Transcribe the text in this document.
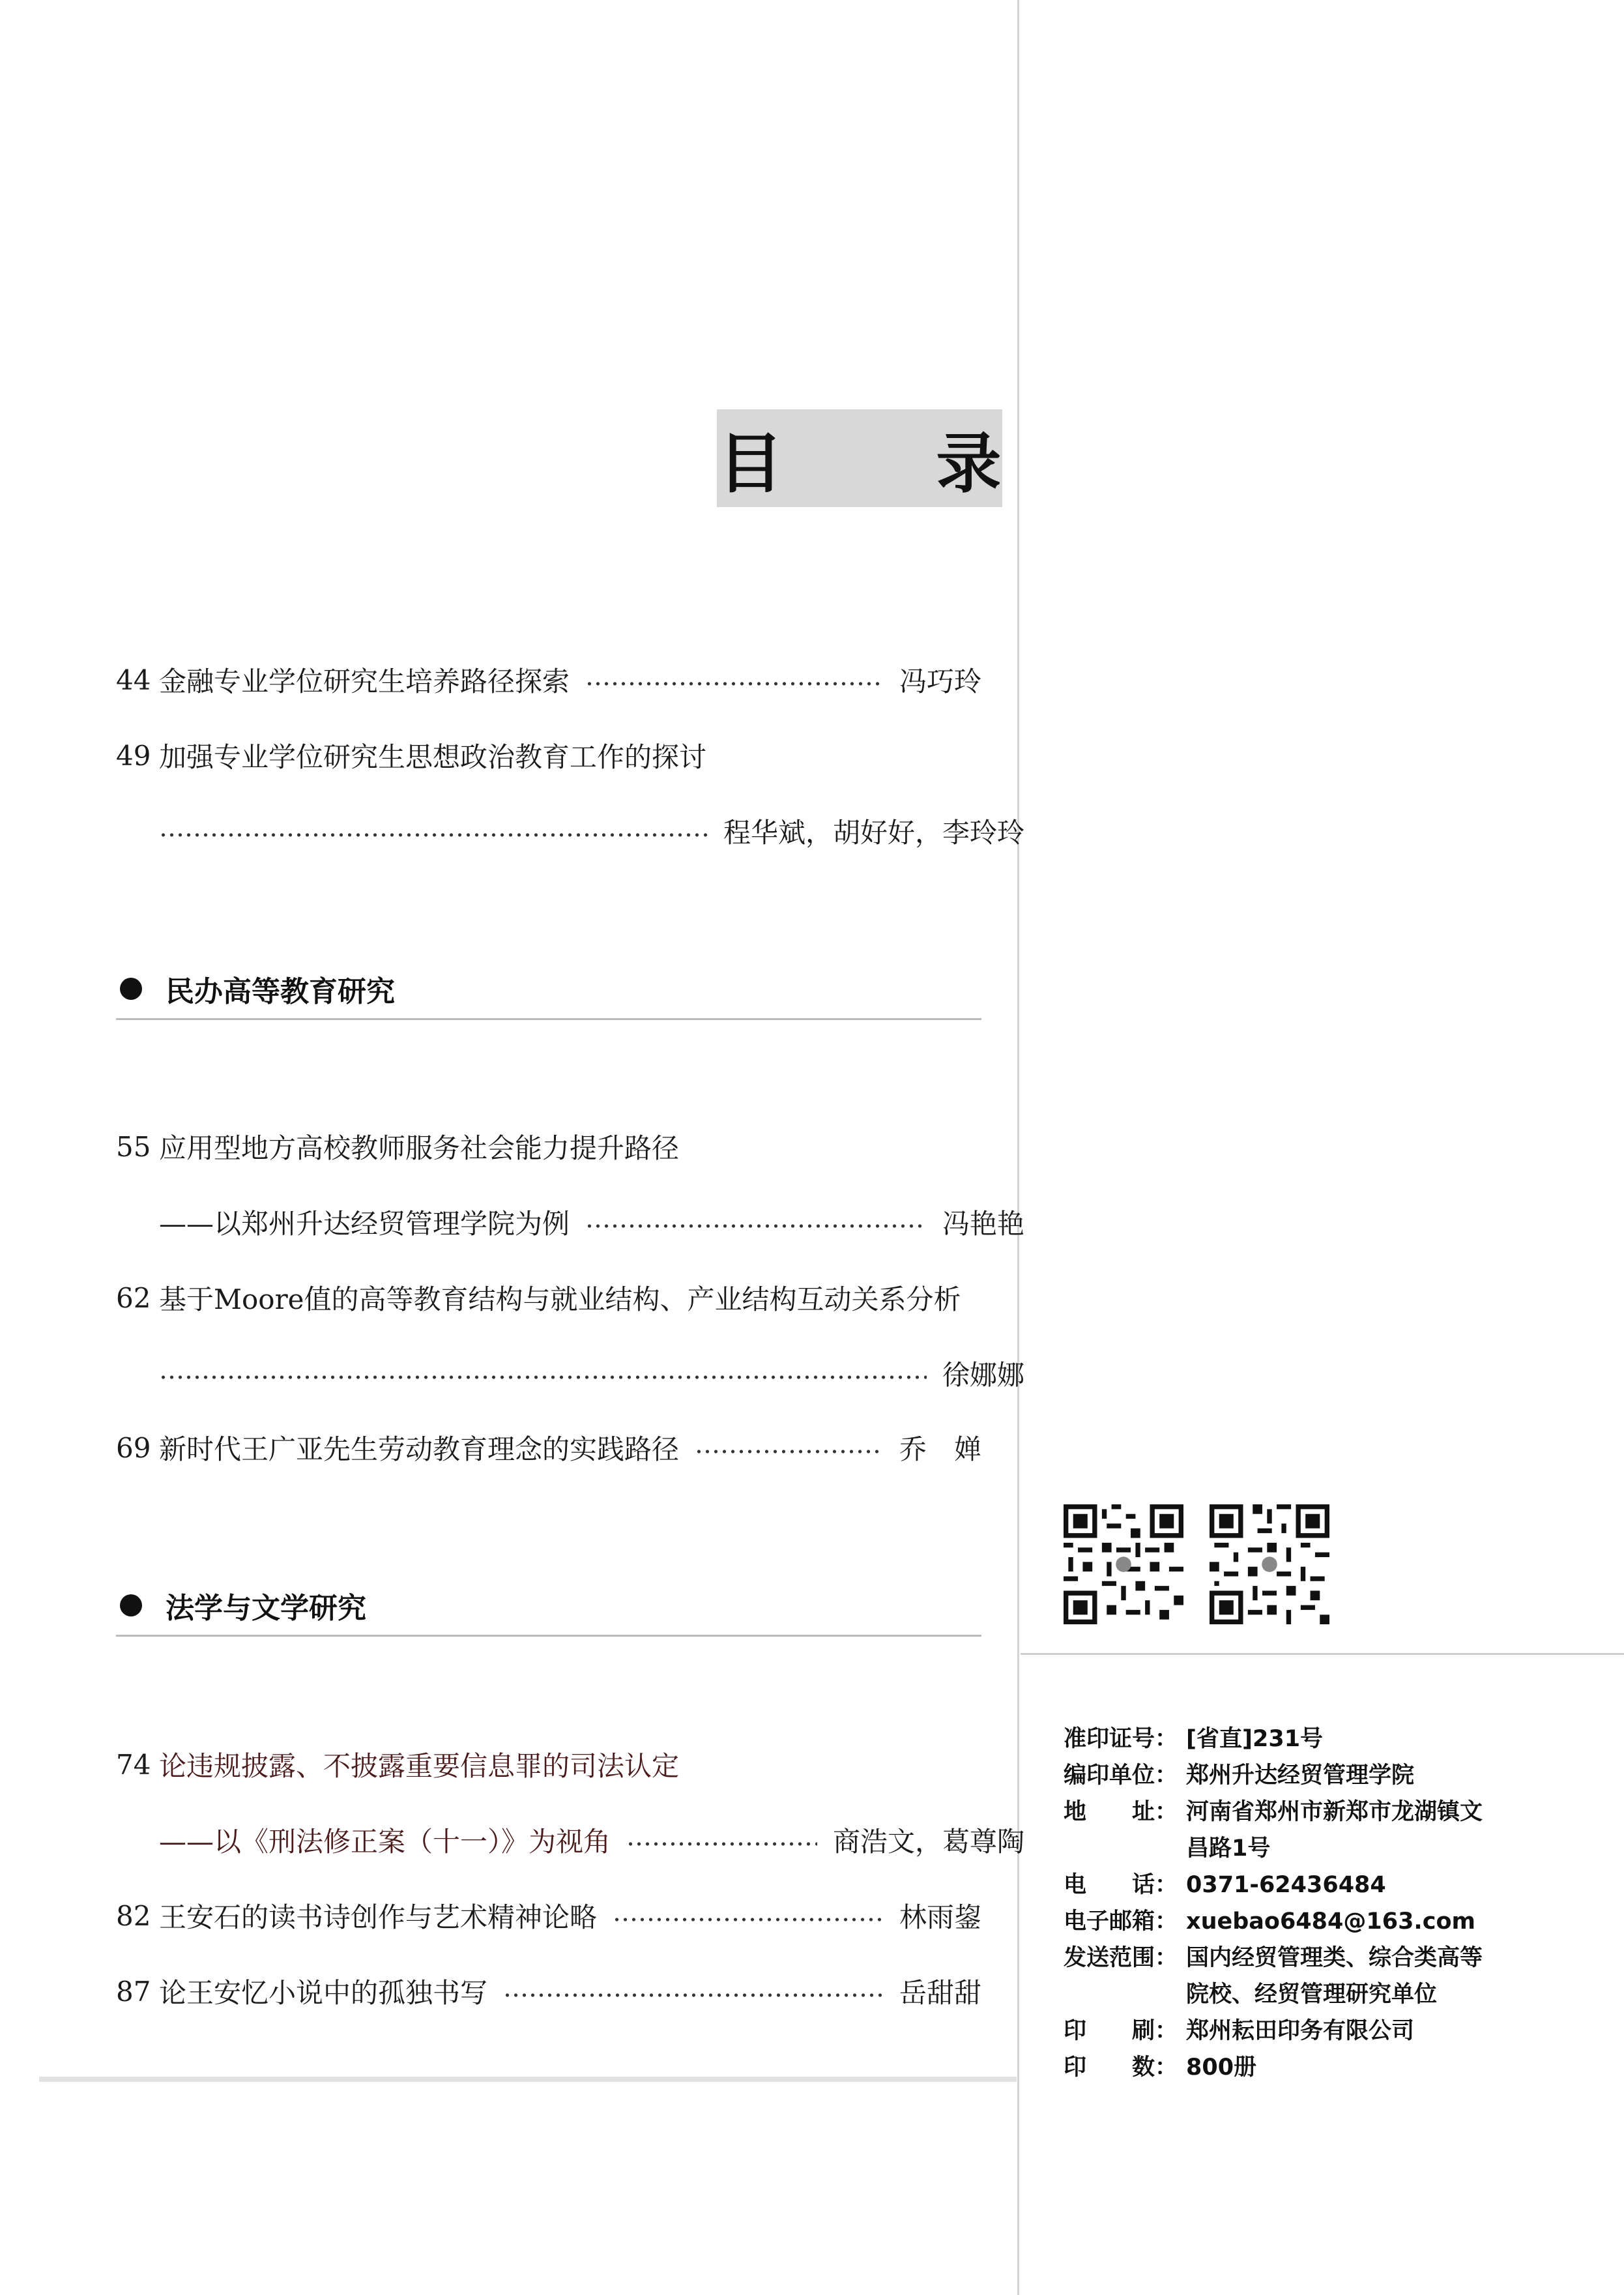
目 录
44 金融专业学位研究生培养路径探索	冯巧玲
49 加强专业学位研究生思想政治教育工作的探讨
程华斌，胡好好，李玲玲
民办高等教育研究
55 应用型地方高校教师服务社会能力提升路径
——以郑州升达经贸管理学院为例	冯艳艳
62 基于Moore值的高等教育结构与就业结构、产业结构互动关系分析
徐娜娜
69 新时代王广亚先生劳动教育理念的实践路径	乔　婵
法学与文学研究
74 论违规披露、不披露重要信息罪的司法认定
——以《刑法修正案（十一）》为视角	商浩文，葛尊陶
82 王安石的读书诗创作与艺术精神论略	林雨鋆
87 论王安忆小说中的孤独书写	岳甜甜
准印证号： [省直]231号
编印单位： 郑州升达经贸管理学院
地　　址： 河南省郑州市新郑市龙湖镇文昌路1号
电　　话： 0371-62436484
电子邮箱： xuebao6484@163.com
发送范围： 国内经贸管理类、综合类高等院校、经贸管理研究单位
印　　刷： 郑州耘田印务有限公司
印　　数： 800册
